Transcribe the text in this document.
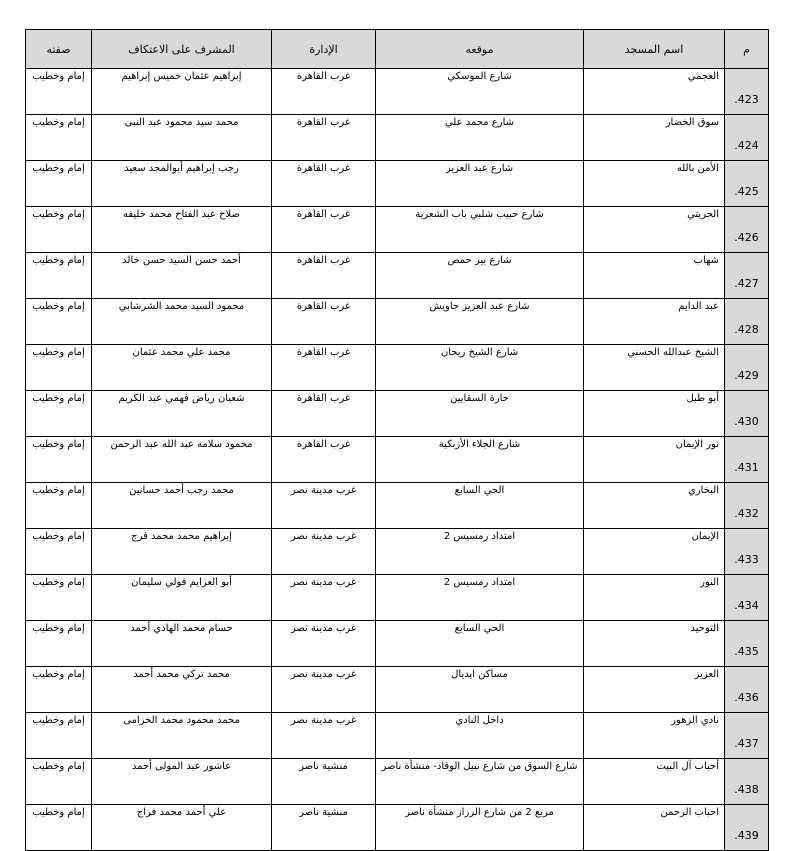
م	اسم المسجد	موقعه	الإدارة	المشرف على الاعتكاف	صفته
.423	العجمي	شارع الموسكي	غرب القاهرة	إبراهيم عثمان خميس إبراهيم	إمام وخطيب
.424	سوق الخضار	شارع محمد علي	غرب القاهرة	محمد سيد محمود عبد النبى	إمام وخطيب
.425	الأمن بالله	شارع عبد العزيز	غرب القاهرة	رجب إبراهيم أبوالمجد سعيد	إمام وخطيب
.426	الحريتي	شارع حبيب شلبي باب الشعرية	غرب القاهرة	صلاح عبد الفتاح محمد خليفه	إمام وخطيب
.427	شهاب	شارع بير حمص	غرب القاهرة	أحمد حسن السيد حسن خالد	إمام وخطيب
.428	عبد الدايم	شارع عبد العزيز جاويش	غرب القاهرة	محمود السيد محمد الشرشابي	إمام وخطيب
.429	الشيخ عبدالله الحسني	شارع الشيخ ريحان	غرب القاهرة	محمد علي محمد عثمان	إمام وخطيب
.430	أبو طبل	حارة السقايين	غرب القاهرة	شعبان رياض فهمي عبد الكريم	إمام وخطيب
.431	نور الإيمان	شارع الجلاء الأزبكية	غرب القاهرة	محمود سلامه عبد الله عبد الرحمن	إمام وخطيب
.432	البخاري	الحي السابع	غرب مدينة نصر	محمد رجب أحمد حسانين	إمام وخطيب
.433	الإيمان	امتداد رمسيس 2	غرب مدينة نصر	إبراهيم محمد محمد فرج	إمام وخطيب
.434	النور	امتداد رمسيس 2	غرب مدينة نصر	أبو العزايم فولي سليمان	إمام وخطيب
.435	التوحيد	الحي السابع	غرب مدينة نصر	حسام محمد الهادي أحمد	إمام وخطيب
.436	العزيز	مساكن ايديال	غرب مدينة نصر	محمد تركي محمد أحمد	إمام وخطيب
.437	نادي الزهور	داخل النادي	غرب مدينة نصر	محمد محمود محمد الخزامى	إمام وخطيب
.438	أحباب آل البيت	شارع السوق من شارع نبيل الوقاد- منشأة ناصر	منشية ناصر	عاشور عبد المولى أحمد	إمام وخطيب
.439	احباب الرحمن	مربع 2 من شارع الرزاز منشأة ناصر	منشية ناصر	علي أحمد محمد فراج	إمام وخطيب
